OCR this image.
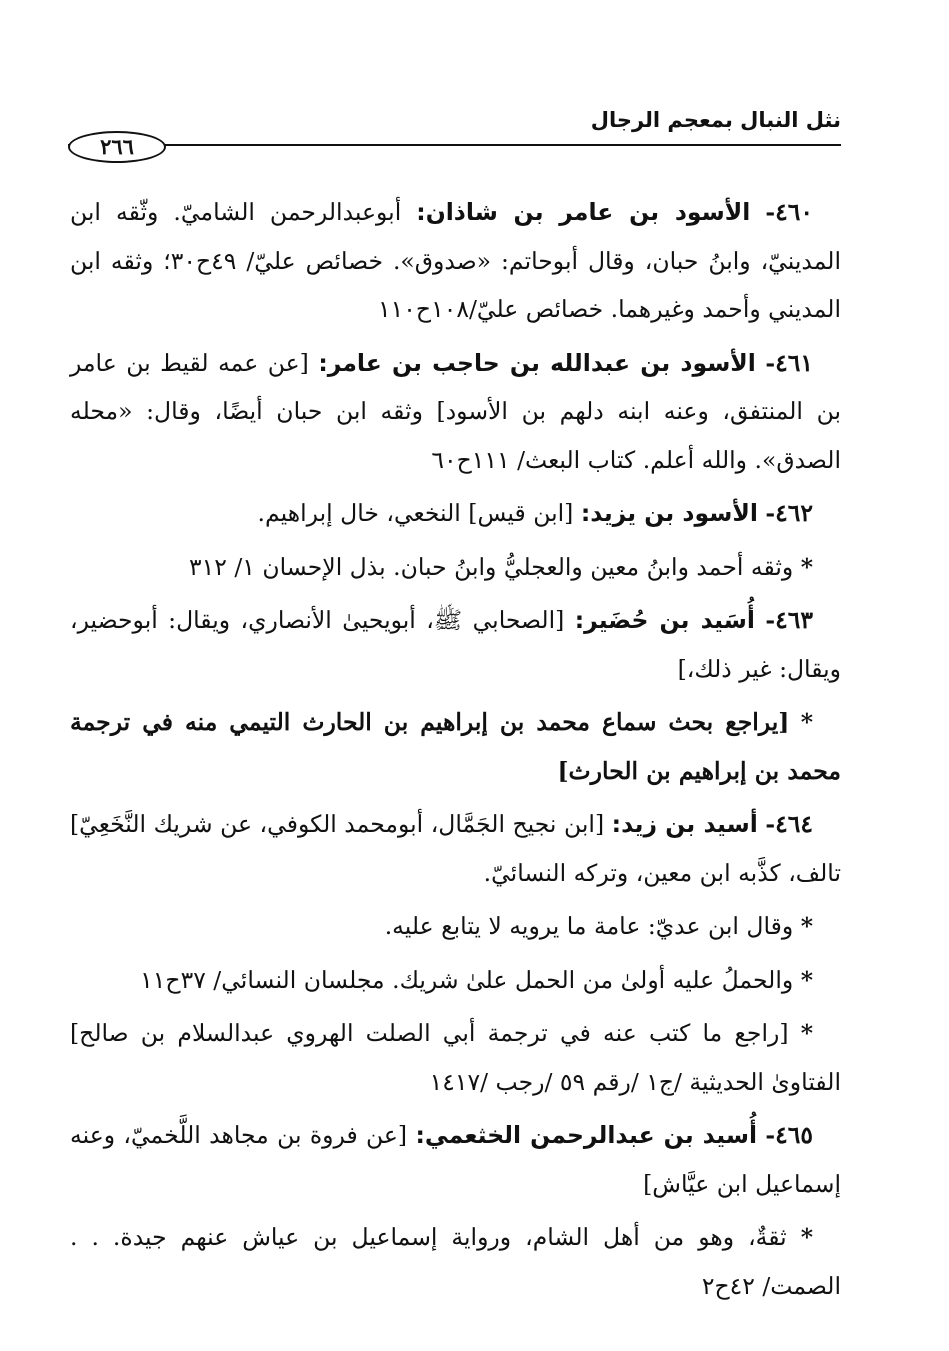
نثل النبال بمعجم الرجال
٢٦٦

٤٦٠- الأسود بن عامر بن شاذان: أبوعبدالرحمن الشاميّ. وثّقه ابن المدينيّ، وابنُ حبان، وقال أبوحاتم: «صدوق». خصائص عليّ/ ٤٩ح٣٠؛ وثقه ابن المديني وأحمد وغيرهما. خصائص عليّ/١٠٨ح١١٠

٤٦١- الأسود بن عبدالله بن حاجب بن عامر: [عن عمه لقيط بن عامر بن المنتفق، وعنه ابنه دلهم بن الأسود] وثقه ابن حبان أيضًا، وقال: «محله الصدق». والله أعلم. كتاب البعث/ ١١١ح٦٠

٤٦٢- الأسود بن يزيد: [ابن قيس] النخعي، خال إبراهيم.

* وثقه أحمد وابنُ معين والعجليُّ وابنُ حبان. بذل الإحسان ١/ ٣١٢

٤٦٣- أُسَيد بن حُضَير: [الصحابي ﷺ، أبويحيىٰ الأنصاري، ويقال: أبوحضير، ويقال: غير ذلك،]

* [يراجع بحث سماع محمد بن إبراهيم بن الحارث التيمي منه في ترجمة محمد بن إبراهيم بن الحارث]

٤٦٤- أسيد بن زيد: [ابن نجيح الجَمَّال، أبومحمد الكوفي، عن شريك النَّخَعِيّ] تالف، كذَّبه ابن معين، وتركه النسائيّ.

* وقال ابن عديّ: عامة ما يرويه لا يتابع عليه.

* والحملُ عليه أولىٰ من الحمل علىٰ شريك. مجلسان النسائي/ ٣٧ح١١

* [راجع ما كتب عنه في ترجمة أبي الصلت الهروي عبدالسلام بن صالح] الفتاوىٰ الحديثية /ج١ /رقم ٥٩ /رجب /١٤١٧

٤٦٥- أُسيد بن عبدالرحمن الخثعمي: [عن فروة بن مجاهد اللَّخميّ، وعنه إسماعيل ابن عيَّاش]

* ثقةٌ، وهو من أهل الشام، ورواية إسماعيل بن عياش عنهم جيدة. . . الصمت/ ٤٢ح٢
